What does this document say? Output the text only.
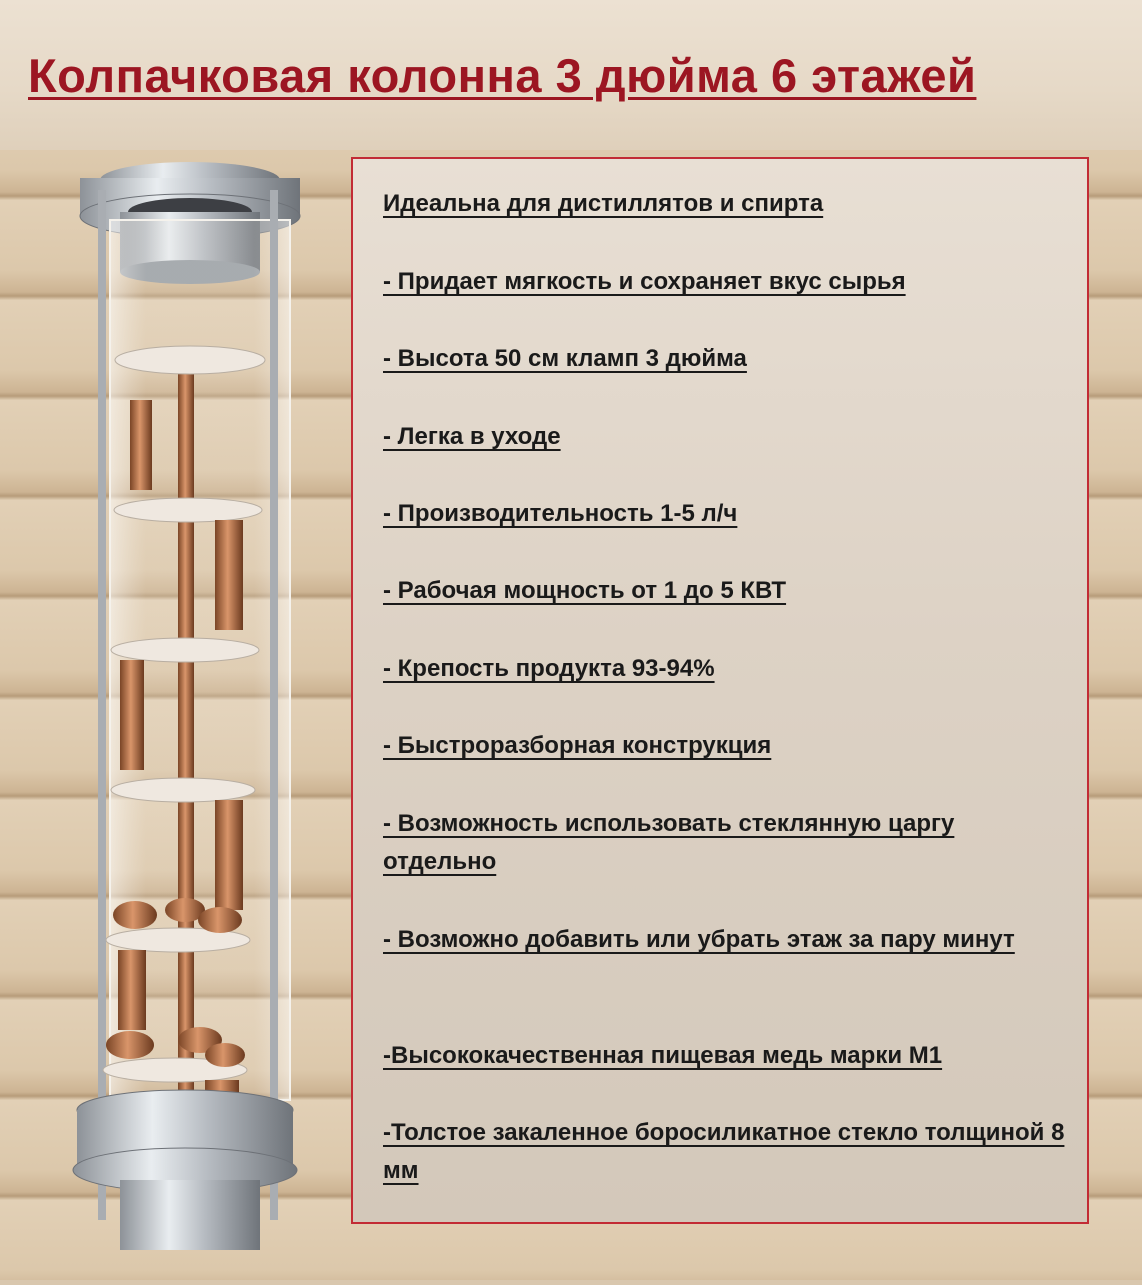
Колпачковая колонна 3 дюйма 6 этажей
Идеальна для дистиллятов и спирта
- Придает мягкость и сохраняет вкус сырья
- Высота 50 см кламп 3 дюйма
- Легка в уходе
- Производительность 1-5 л/ч
- Рабочая мощность от 1 до 5 КВТ
- Крепость продукта 93-94%
- Быстроразборная конструкция
- Возможность использовать стеклянную царгу отдельно
- Возможно добавить или убрать этаж за пару минут
-Высококачественная пищевая медь марки М1
-Толстое закаленное боросиликатное стекло толщиной 8 мм
